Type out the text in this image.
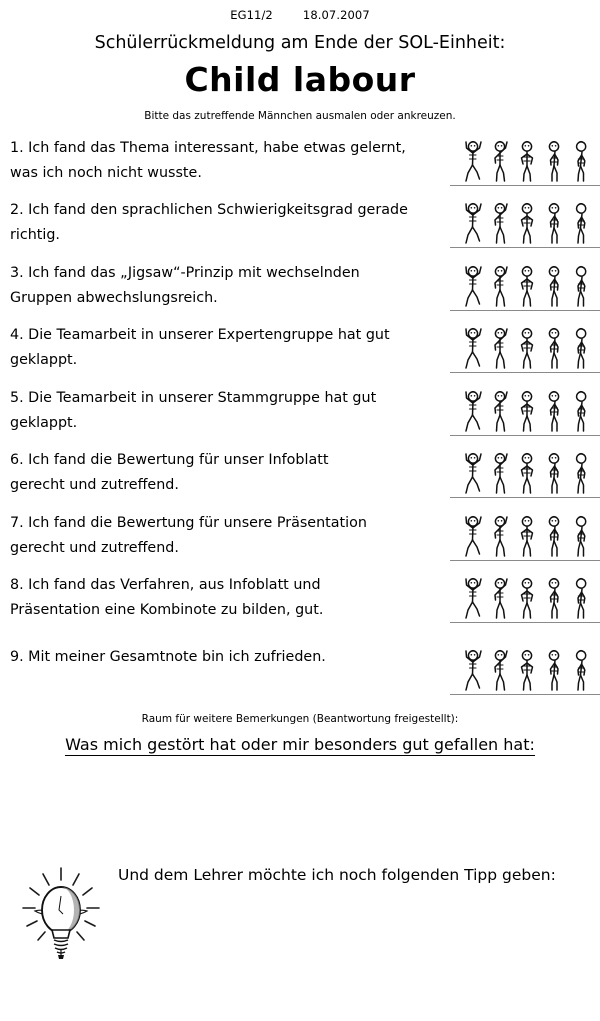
EG11/2        18.07.2007
Schülerrückmeldung am Ende der SOL-Einheit:
Child labour
Bitte das zutreffende Männchen ausmalen oder ankreuzen.
1. Ich fand das Thema interessant, habe etwas gelernt,
was ich noch nicht wusste.
2. Ich fand den sprachlichen Schwierigkeitsgrad gerade
richtig.
3. Ich fand das „Jigsaw“-Prinzip mit wechselnden
Gruppen abwechslungsreich.
4. Die Teamarbeit in unserer Expertengruppe hat gut
geklappt.
5. Die Teamarbeit in unserer Stammgruppe hat gut
geklappt.
6. Ich fand die Bewertung für unser Infoblatt
gerecht und zutreffend.
7. Ich fand die Bewertung für unsere Präsentation
gerecht und zutreffend.
8. Ich fand das Verfahren, aus Infoblatt und
Präsentation eine Kombinote zu bilden, gut.
9. Mit meiner Gesamtnote bin ich zufrieden.
Raum für weitere Bemerkungen (Beantwortung freigestellt):
Was mich gestört hat oder mir besonders gut gefallen hat:
Und dem Lehrer möchte ich noch folgenden Tipp geben:
